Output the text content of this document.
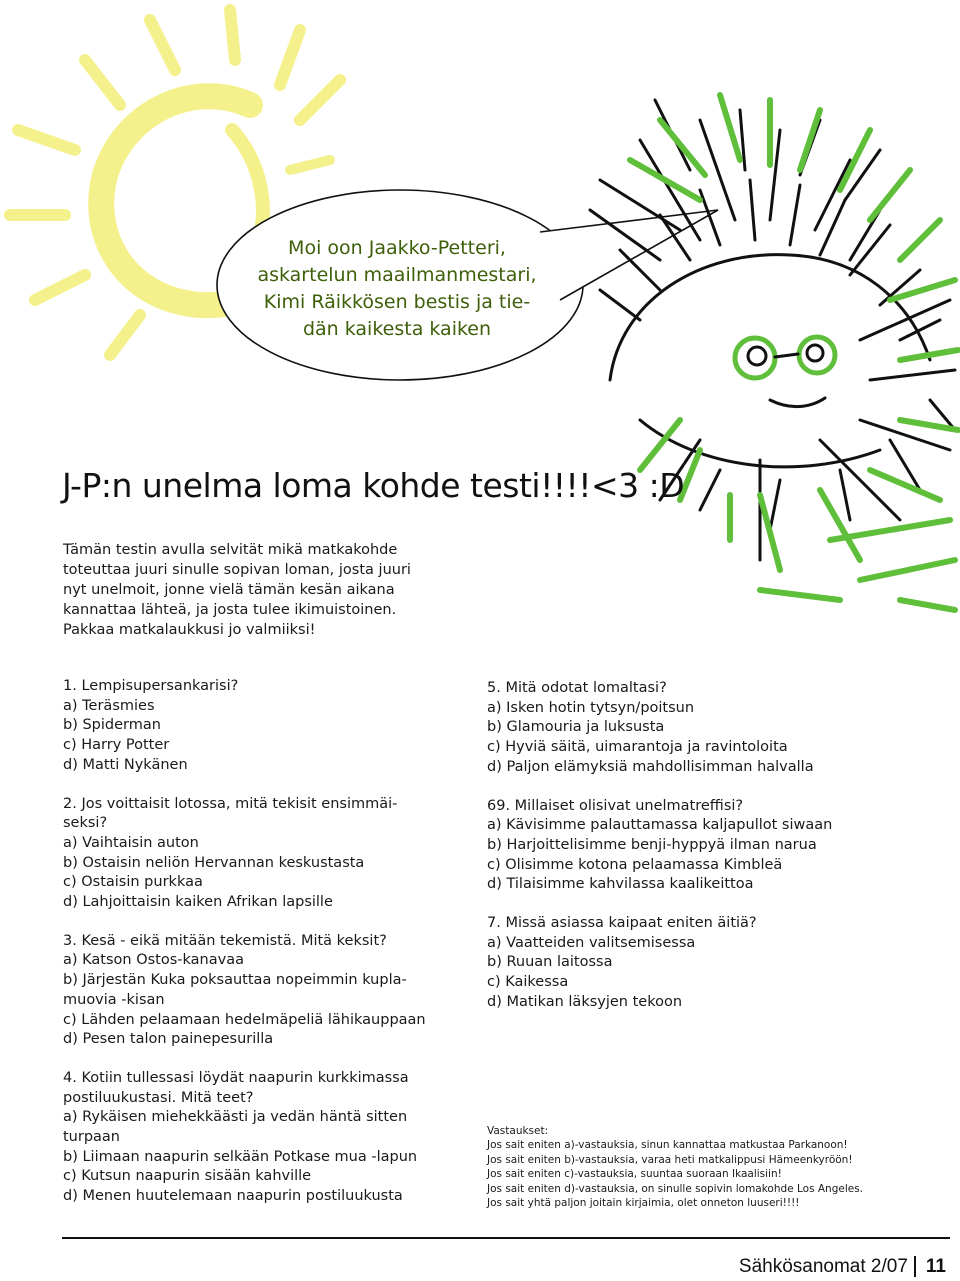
Moi oon Jaakko-Petteri,
askartelun maailmanmestari,
Kimi Räikkösen bestis ja tie-
dän kaikesta kaiken
J-P:n unelma loma kohde testi!!!!<3 :D
Tämän testin avulla selvität mikä matkakohde
toteuttaa juuri sinulle sopivan loman, josta juuri
nyt unelmoit, jonne vielä tämän kesän aikana
kannattaa lähteä, ja josta tulee ikimuistoinen.
Pakkaa matkalaukkusi jo valmiiksi!
1. Lempisupersankarisi?
a) Teräsmies
b) Spiderman
c) Harry Potter
d) Matti Nykänen
2. Jos voittaisit lotossa, mitä tekisit ensimmäi-
seksi?
a) Vaihtaisin auton
b) Ostaisin neliön Hervannan keskustasta
c) Ostaisin purkkaa
d) Lahjoittaisin kaiken Afrikan lapsille
3. Kesä - eikä mitään tekemistä. Mitä keksit?
a) Katson Ostos-kanavaa
b) Järjestän Kuka poksauttaa nopeimmin kupla-
muovia -kisan
c) Lähden pelaamaan hedelmäpeliä lähikauppaan
d) Pesen talon painepesurilla
4. Kotiin tullessasi löydät naapurin kurkkimassa
postiluukustasi. Mitä teet?
a) Rykäisen miehekkäästi ja vedän häntä sitten
turpaan
b) Liimaan naapurin selkään Potkase mua -lapun
c) Kutsun naapurin sisään kahville
d) Menen huutelemaan naapurin postiluukusta
5. Mitä odotat lomaltasi?
a) Isken hotin tytsyn/poitsun
b) Glamouria ja luksusta
c) Hyviä säitä, uimarantoja ja ravintoloita
d) Paljon elämyksiä mahdollisimman halvalla
69. Millaiset olisivat unelmatreffisi?
a) Kävisimme palauttamassa kaljapullot siwaan
b) Harjoittelisimme benji-hyppyä ilman narua
c) Olisimme kotona pelaamassa Kimbleä
d) Tilaisimme kahvilassa kaalikeittoa
7. Missä asiassa kaipaat eniten äitiä?
a) Vaatteiden valitsemisessa
b) Ruuan laitossa
c) Kaikessa
d) Matikan läksyjen tekoon
Vastaukset:
Jos sait eniten a)-vastauksia, sinun kannattaa matkustaa Parkanoon!
Jos sait eniten b)-vastauksia, varaa heti matkalippusi Hämeenkyröön!
Jos sait eniten c)-vastauksia, suuntaa suoraan Ikaalisiin!
Jos sait eniten d)-vastauksia, on sinulle sopivin lomakohde Los Angeles.
Jos sait yhtä paljon joitain kirjaimia, olet onneton luuseri!!!!
Sähkösanomat 2/07 11
